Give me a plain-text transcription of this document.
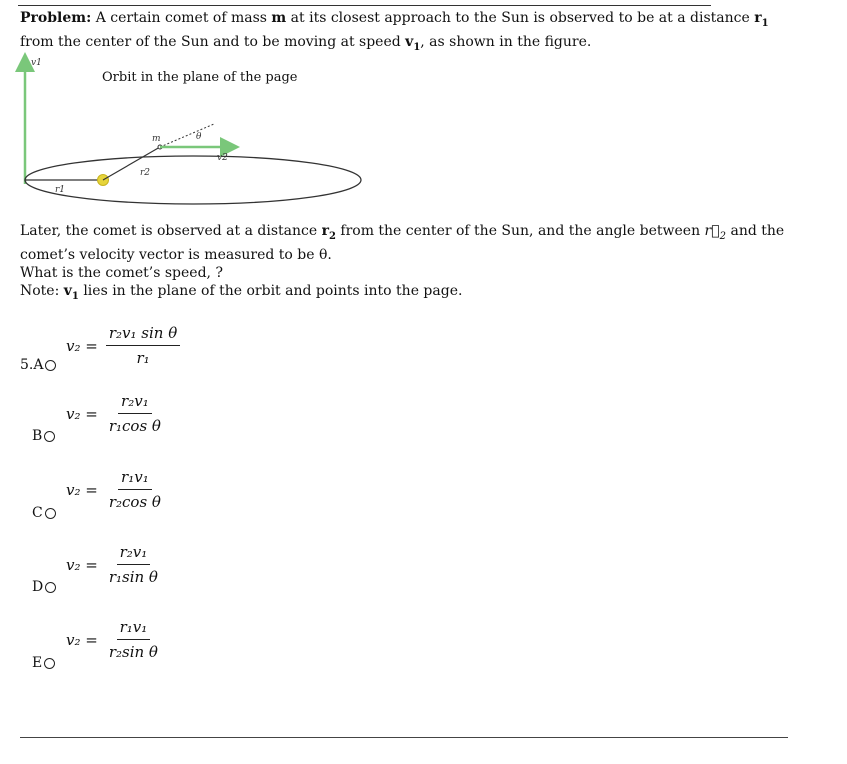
Problem: A certain comet of mass m at its closest approach to the Sun is observed to be at a distance $r_1$ from the center of the Sun and to be moving at speed $v_1$, as shown in the figure.
v1
Orbit in the plane of the page
r1
r2
m	θ
v2

Later, the comet is observed at a distance $r_2$ from the center of the Sun, and the angle between $r⃗_2$ and the comet’s velocity vector is measured to be θ.

What is the comet’s speed, ?

Note: $v_1$ lies in the plane of the orbit and points into the page.

5.A
$v_2 = \frac{\text{r₂v₁ sin θ}}{\text{r₁}}$
B
$v_2 = \frac{\text{r₂v₁}}{\text{r₁cos θ}}$
C
$v_2 = \frac{\text{r₁v₁}}{\text{r₂cos θ}}$
D
$v_2 = \frac{\text{r₂v₁}}{\text{r₁sin θ}}$
E
$v_2 = \frac{\text{r₁v₁}}{\text{r₂sin θ}}$
